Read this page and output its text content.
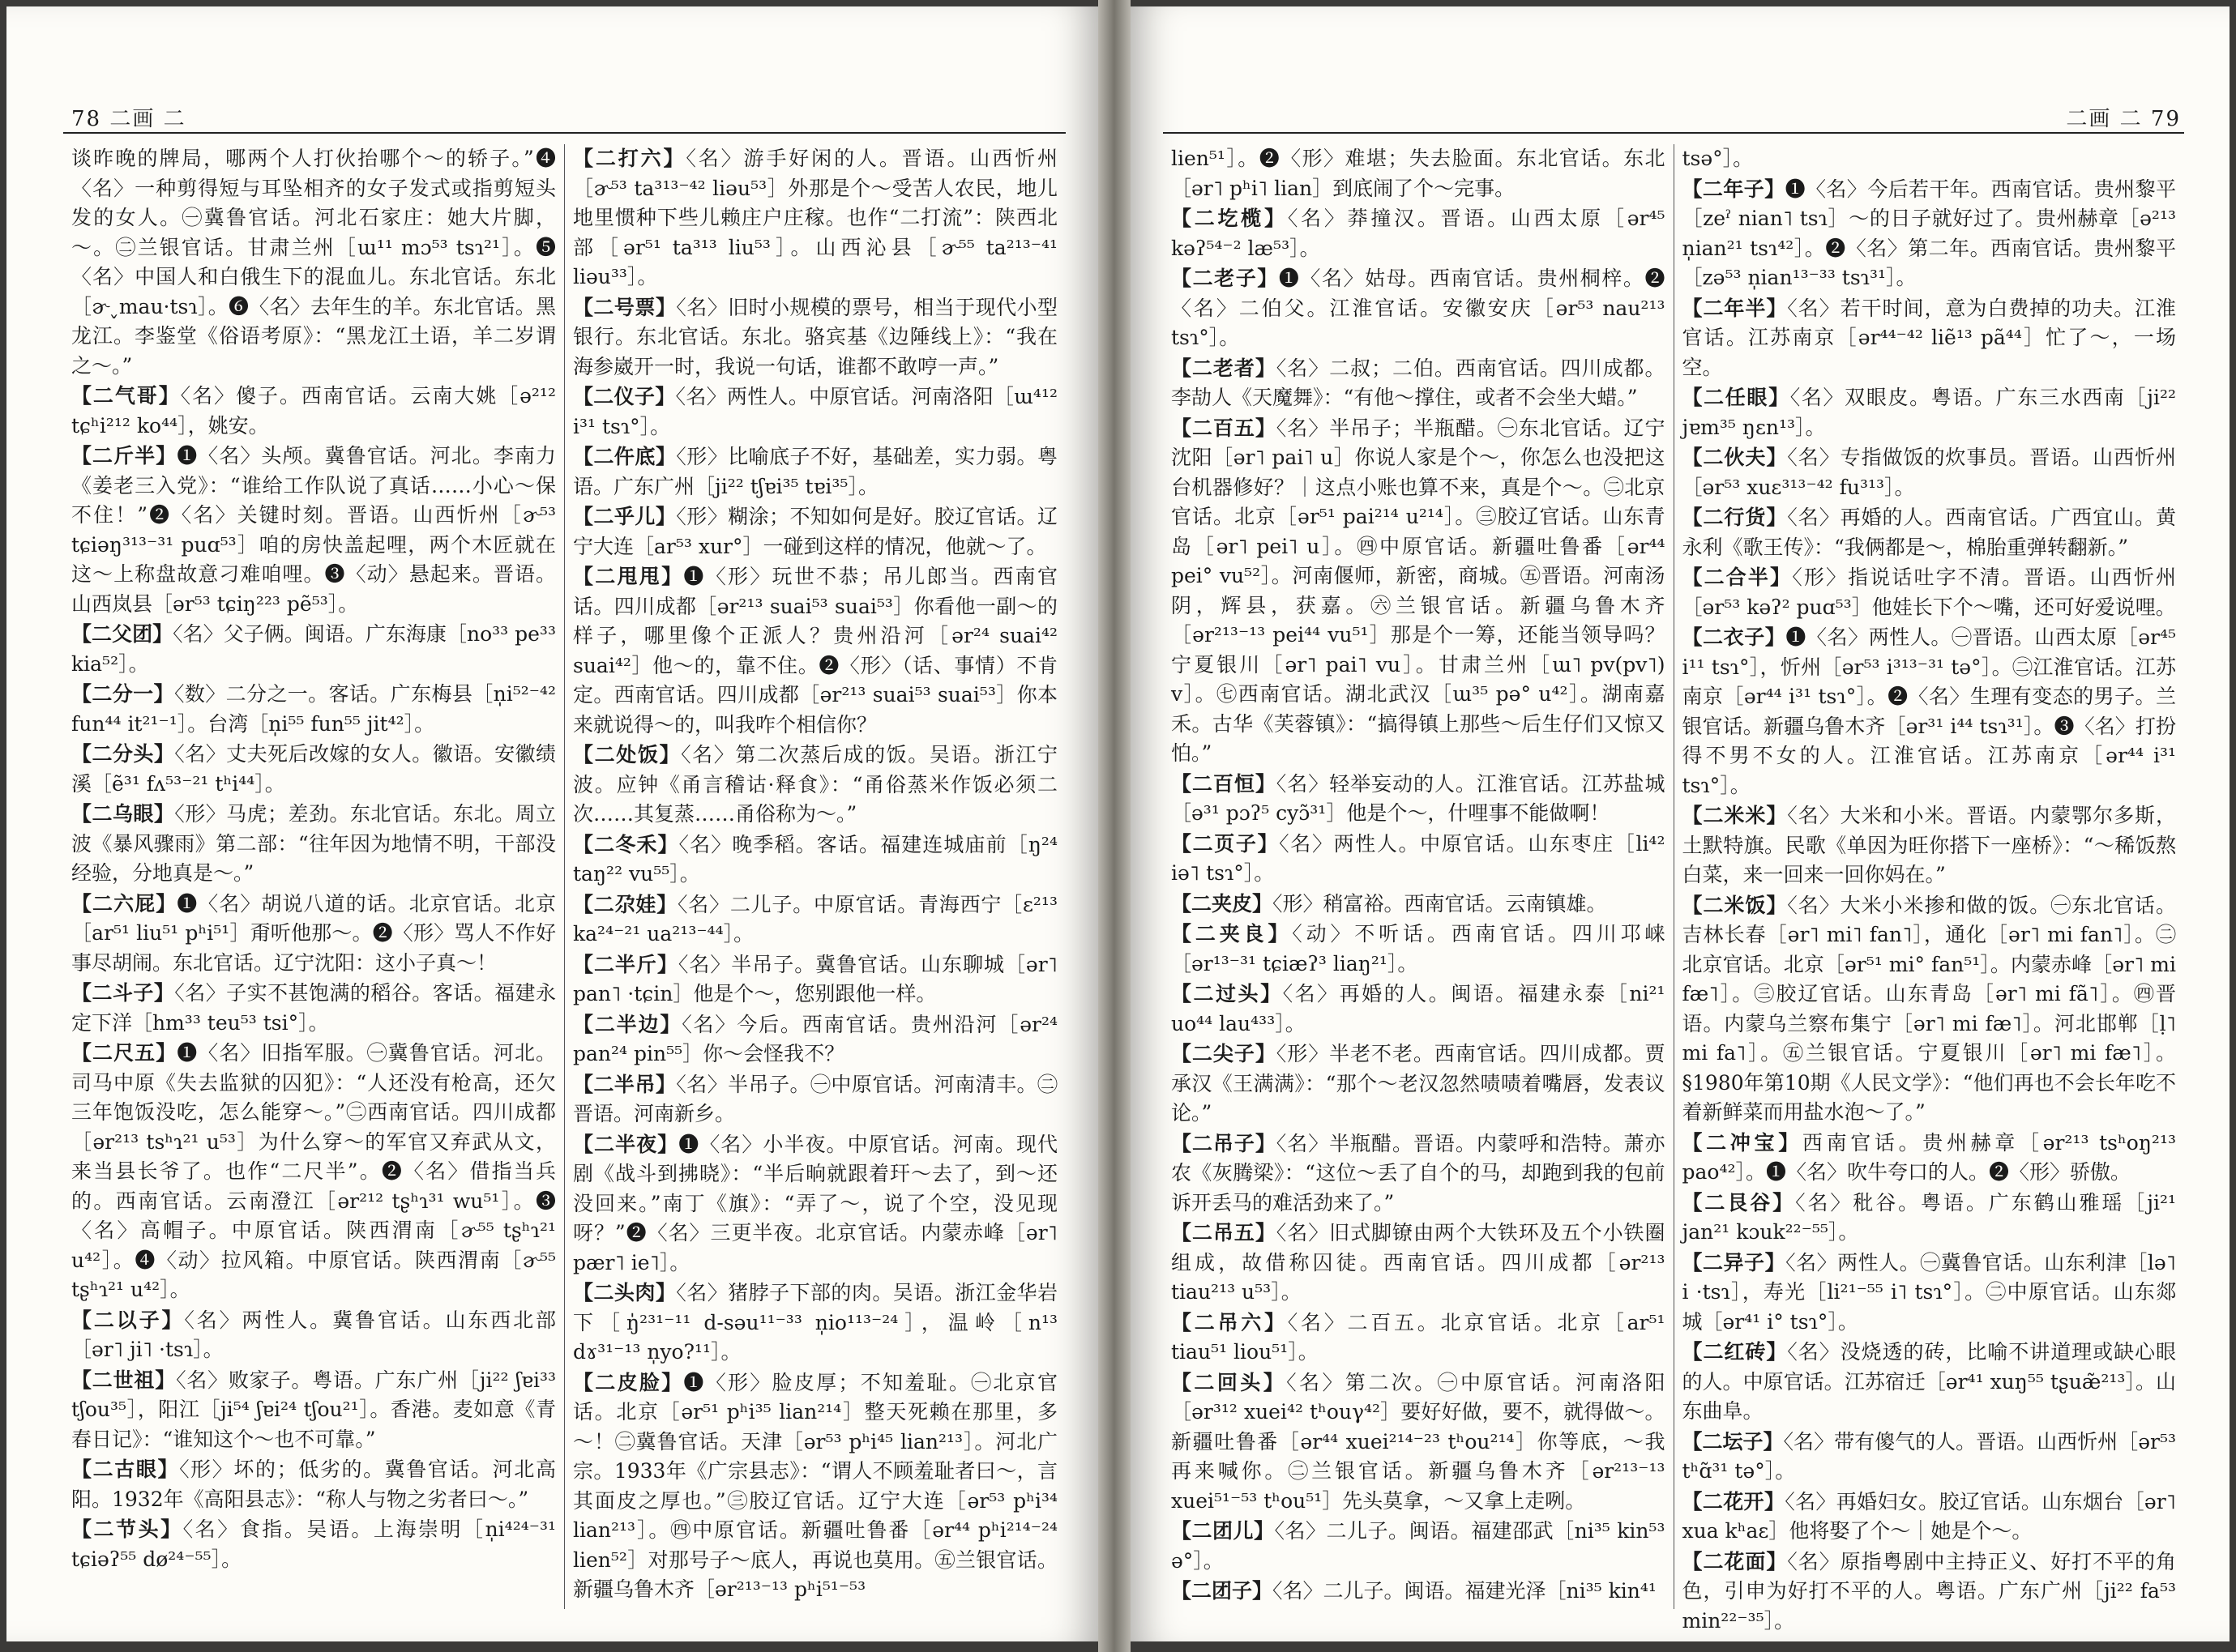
78 二画 二

谈昨晚的牌局，哪两个人打伙抬哪个～的轿子。”❹〈名〉一种剪得短与耳坠相齐的女子发式或指剪短头发的女人。㊀冀鲁官话。河北石家庄：她大片脚，～。㊁兰银官话。甘肃兰州［ɯ¹¹ mɔ⁵³ tsɿ²¹］。❺〈名〉中国人和白俄生下的混血儿。东北官话。东北［ɚ˯mau·tsɿ］。❻〈名〉去年生的羊。东北官话。黑龙江。李鉴堂《俗语考原》：“黑龙江土语，羊二岁谓之～。”

【二气哥】〈名〉傻子。西南官话。云南大姚［ə²¹² tɕʰi²¹² ko⁴⁴］，姚安。

【二斤半】❶〈名〉头颅。冀鲁官话。河北。李南力《姜老三入党》：“谁给工作队说了真话……小心～保不住！”❷〈名〉关键时刻。晋语。山西忻州［ɚ⁵³ tɕiəŋ³¹³⁻³¹ puɑ⁵³］咱的房快盖起哩，两个木匠就在这～上称盘故意刁难咱哩。❸〈动〉悬起来。晋语。山西岚县［ər⁵³ tɕiŋ²²³ pẽ⁵³］。

【二父团】〈名〉父子俩。闽语。广东海康［no³³ pe³³ kia⁵²］。

【二分一】〈数〉二分之一。客话。广东梅县［n̩i⁵²⁻⁴² fun⁴⁴ it²¹⁻¹］。台湾［n̩i⁵⁵ fun⁵⁵ jit⁴²］。

【二分头】〈名〉丈夫死后改嫁的女人。徽语。安徽绩溪［ẽ³¹ fʌ⁵³⁻²¹ tʰi⁴⁴］。

【二乌眼】〈形〉马虎；差劲。东北官话。东北。周立波《暴风骤雨》第二部：“往年因为地情不明，干部没经验，分地真是～。”

【二六屁】❶〈名〉胡说八道的话。北京官话。北京［ar⁵¹ liu⁵¹ pʰi⁵¹］甭听他那～。❷〈形〉骂人不作好事尽胡闹。东北官话。辽宁沈阳：这小子真～！

【二斗子】〈名〉子实不甚饱满的稻谷。客话。福建永定下洋［hm³³ teu⁵³ tsi°］。

【二尺五】❶〈名〉旧指军服。㊀冀鲁官话。河北。司马中原《失去监狱的囚犯》：“人还没有枪高，还欠三年饱饭没吃，怎么能穿～。”㊁西南官话。四川成都［ər²¹³ tsʰɿ²¹ u⁵³］为什么穿～的军官又弃武从文，来当县长爷了。也作“二尺半”。❷〈名〉借指当兵的。西南官话。云南澄江［ər²¹² tʂʰɿ³¹ wu⁵¹］。❸〈名〉高帽子。中原官话。陕西渭南［ɚ⁵⁵ tʂʰɿ²¹ u⁴²］。❹〈动〉拉风箱。中原官话。陕西渭南［ɚ⁵⁵ tʂʰɿ²¹ u⁴²］。

【二以子】〈名〉两性人。冀鲁官话。山东西北部［ər˥ ji˥ ·tsɿ］。

【二世祖】〈名〉败家子。粤语。广东广州［ji²² ʃɐi³³ tʃou³⁵］，阳江［ji⁵⁴ ʃɐi²⁴ tʃou²¹］。香港。麦如意《青春日记》：“谁知这个～也不可靠。”

【二古眼】〈形〉坏的；低劣的。冀鲁官话。河北高阳。1932年《高阳县志》：“称人与物之劣者曰～。”

【二节头】〈名〉食指。吴语。上海崇明［n̩i⁴²⁴⁻³¹ tɕiəʔ⁵⁵ dø²⁴⁻⁵⁵］。

【二打六】〈名〉游手好闲的人。晋语。山西忻州［ɚ⁵³ ta³¹³⁻⁴² liəu⁵³］外那是个～受苦人农民，地儿地里惯种下些儿赖庄户庄稼。也作“二打流”：陕西北部［ər⁵¹ ta³¹³ liu⁵³］。山西沁县［ɚ⁵⁵ ta²¹³⁻⁴¹ liəu³³］。

【二号票】〈名〉旧时小规模的票号，相当于现代小型银行。东北官话。东北。骆宾基《边陲线上》：“我在海参崴开一时，我说一句话，谁都不敢哼一声。”

【二仪子】〈名〉两性人。中原官话。河南洛阳［ɯ⁴¹² i³¹ tsɿ°］。

【二仵底】〈形〉比喻底子不好，基础差，实力弱。粤语。广东广州［ji²² tʃɐi³⁵ tɐi³⁵］。

【二乎儿】〈形〉糊涂；不知如何是好。胶辽官话。辽宁大连［ar⁵³ xur°］一碰到这样的情况，他就～了。

【二甩甩】❶〈形〉玩世不恭；吊儿郎当。西南官话。四川成都［ər²¹³ suai⁵³ suai⁵³］你看他一副～的样子，哪里像个正派人？贵州沿河［ər²⁴ suai⁴² suai⁴²］他～的，靠不住。❷〈形〉（话、事情）不肯定。西南官话。四川成都［ər²¹³ suai⁵³ suai⁵³］你本来就说得～的，叫我咋个相信你？

【二处饭】〈名〉第二次蒸后成的饭。吴语。浙江宁波。应钟《甬言稽诂·释食》：“甬俗蒸米作饭必须二次……其复蒸……甬俗称为～。”

【二冬禾】〈名〉晚季稻。客话。福建连城庙前［ŋ²⁴ taŋ²² vu⁵⁵］。

【二尕娃】〈名〉二儿子。中原官话。青海西宁［ɛ²¹³ ka²⁴⁻²¹ ua²¹³⁻⁴⁴］。

【二半斤】〈名〉半吊子。冀鲁官话。山东聊城［ər˥ pan˥ ·tɕin］他是个～，您别跟他一样。

【二半边】〈名〉今后。西南官话。贵州沿河［ər²⁴ pan²⁴ pin⁵⁵］你～会怪我不？

【二半吊】〈名〉半吊子。㊀中原官话。河南清丰。㊁晋语。河南新乡。

【二半夜】❶〈名〉小半夜。中原官话。河南。现代剧《战斗到拂晓》：“半后晌就跟着玕～去了，到～还没回来。”南丁《旗》：“弄了～，说了个空，没见现呀？”❷〈名〉三更半夜。北京官话。内蒙赤峰［ər˥ pær˥ ie˥］。

【二头肉】〈名〉猪脖子下部的肉。吴语。浙江金华岩下［ŋ̍²³¹⁻¹¹ d-səu¹¹⁻³³ n̩io¹¹³⁻²⁴］，温岭［n¹³ dɤ³¹⁻¹³ n̩yo?¹¹］。

【二皮脸】❶〈形〉脸皮厚；不知羞耻。㊀北京官话。北京［ər⁵¹ pʰi³⁵ lian²¹⁴］整天死赖在那里，多～！㊁冀鲁官话。天津［ər⁵³ pʰi⁴⁵ lian²¹³］。河北广宗。1933年《广宗县志》：“谓人不顾羞耻者曰～，言其面皮之厚也。”㊂胶辽官话。辽宁大连［ər⁵³ pʰi³⁴ lian²¹³］。㊃中原官话。新疆吐鲁番［ər⁴⁴ pʰi²¹⁴⁻²⁴ lien⁵²］对那号子～底人，再说也莫用。㊄兰银官话。新疆乌鲁木齐［ər²¹³⁻¹³ pʰi⁵¹⁻⁵³

二画 二 79

lien⁵¹］。❷〈形〉难堪；失去脸面。东北官话。东北［ər˥ pʰi˥ lian］到底闹了个～完事。

【二圪榄】〈名〉莽撞汉。晋语。山西太原［ər⁴⁵ kəʔ⁵⁴⁻² læ⁵³］。

【二老子】❶〈名〉姑母。西南官话。贵州桐梓。❷〈名〉二伯父。江淮官话。安徽安庆［ər⁵³ nau²¹³ tsɿ°］。

【二老者】〈名〉二叔；二伯。西南官话。四川成都。李劼人《天魔舞》：“有他～撑住，或者不会坐大蜡。”

【二百五】〈名〉半吊子；半瓶醋。㊀东北官话。辽宁沈阳［ər˥ pai˥ u］你说人家是个～，你怎么也没把这台机器修好？｜这点小账也算不来，真是个～。㊁北京官话。北京［ər⁵¹ pai²¹⁴ u²¹⁴］。㊂胶辽官话。山东青岛［ər˥ pei˥ u］。㊃中原官话。新疆吐鲁番［ər⁴⁴ pei° vu⁵²］。河南偃师，新密，商城。㊄晋语。河南汤阴，辉县，获嘉。㊅兰银官话。新疆乌鲁木齐［ər²¹³⁻¹³ pei⁴⁴ vu⁵¹］那是个一筹，还能当领导吗？宁夏银川［ər˥ pai˥ vu］。甘肃兰州［ɯ˥ pv(pv˥) v］。㊆西南官话。湖北武汉［ɯ³⁵ pə° u⁴²］。湖南嘉禾。古华《芙蓉镇》：“搞得镇上那些～后生仔们又惊又怕。”

【二百恒】〈名〉轻举妄动的人。江淮官话。江苏盐城［ə³¹ pɔʔ⁵ cyɔ̃³¹］他是个～，什哩事不能做啊！

【二页子】〈名〉两性人。中原官话。山东枣庄［li⁴² iə˥ tsɿ°］。

【二夹皮】〈形〉稍富裕。西南官话。云南镇雄。

【二夹良】〈动〉不听话。西南官话。四川邛崃［ər¹³⁻³¹ tɕiæʔ³ liaŋ²¹］。

【二过头】〈名〉再婚的人。闽语。福建永泰［ni²¹ uo⁴⁴ lau⁴³³］。

【二尖子】〈形〉半老不老。西南官话。四川成都。贾承汉《王满满》：“那个～老汉忽然啧啧着嘴唇，发表议论。”

【二吊子】〈名〉半瓶醋。晋语。内蒙呼和浩特。萧亦农《灰腾梁》：“这位～丢了自个的马，却跑到我的包前诉开丢马的难活劲来了。”

【二吊五】〈名〉旧式脚镣由两个大铁环及五个小铁圈组成，故借称囚徒。西南官话。四川成都［ər²¹³ tiau²¹³ u⁵³］。

【二吊六】〈名〉二百五。北京官话。北京［ar⁵¹ tiau⁵¹ liou⁵¹］。

【二回头】〈名〉第二次。㊀中原官话。河南洛阳［ər³¹² xuei⁴² tʰouγ⁴²］要好好做，要不，就得做～。新疆吐鲁番［ər⁴⁴ xuei²¹⁴⁻²³ tʰou²¹⁴］你等底，～我再来喊你。㊁兰银官话。新疆乌鲁木齐［ər²¹³⁻¹³ xuei⁵¹⁻⁵³ tʰou⁵¹］先头莫拿，～又拿上走咧。

【二团儿】〈名〉二儿子。闽语。福建邵武［ni³⁵ kin⁵³ ə°］。

【二团子】〈名〉二儿子。闽语。福建光泽［ni³⁵ kin⁴¹

tsə°］。

【二年子】❶〈名〉今后若干年。西南官话。贵州黎平［zeˀ nian˥ tsɿ］～的日子就好过了。贵州赫章［ə²¹³ n̩ian²¹ tsɿ⁴²］。❷〈名〉第二年。西南官话。贵州黎平［zə⁵³ n̩ian¹³⁻³³ tsɿ³¹］。

【二年半】〈名〉若干时间，意为白费掉的功夫。江淮官话。江苏南京［ər⁴⁴⁻⁴² liẽ¹³ pã⁴⁴］忙了～，一场空。

【二任眼】〈名〉双眼皮。粤语。广东三水西南［ji²² jɐm³⁵ ŋɛn¹³］。

【二伙夫】〈名〉专指做饭的炊事员。晋语。山西忻州［ər⁵³ xuɛ³¹³⁻⁴² fu³¹³］。

【二行货】〈名〉再婚的人。西南官话。广西宜山。黄永利《歌王传》：“我俩都是～，棉胎重弹转翻新。”

【二合半】〈形〉指说话吐字不清。晋语。山西忻州［ər⁵³ kəʔ² puɑ⁵³］他娃长下个～嘴，还可好爱说哩。

【二衣子】❶〈名〉两性人。㊀晋语。山西太原［ər⁴⁵ i¹¹ tsɿ°］，忻州［ər⁵³ i³¹³⁻³¹ tə°］。㊁江淮官话。江苏南京［ər⁴⁴ i³¹ tsɿ°］。❷〈名〉生理有变态的男子。兰银官话。新疆乌鲁木齐［ər³¹ i⁴⁴ tsɿ³¹］。❸〈名〉打扮得不男不女的人。江淮官话。江苏南京［ər⁴⁴ i³¹ tsɿ°］。

【二米米】〈名〉大米和小米。晋语。内蒙鄂尔多斯，土默特旗。民歌《单因为旺你搭下一座桥》：“～稀饭熬白菜，来一回来一回你妈在。”

【二米饭】〈名〉大米小米掺和做的饭。㊀东北官话。吉林长春［ər˥ mi˥ fan˥］，通化［ər˥ mi fan˥］。㊁北京官话。北京［ər⁵¹ mi° fan⁵¹］。内蒙赤峰［ər˥ mi fæ˥］。㊂胶辽官话。山东青岛［ər˥ mi fã˥］。㊃晋语。内蒙乌兰察布集宁［ər˥ mi fæ˥］。河北邯郸［ḷ˥ mi fa˥］。㊄兰银官话。宁夏银川［ər˥ mi fæ˥］。§1980年第10期《人民文学》：“他们再也不会长年吃不着新鲜菜而用盐水泡～了。”

【二冲宝】西南官话。贵州赫章［ər²¹³ tsʰoŋ²¹³ pao⁴²］。❶〈名〉吹牛夸口的人。❷〈形〉骄傲。

【二艮谷】〈名〉秕谷。粤语。广东鹤山雅瑶［ji²¹ jan²¹ kɔuk²²⁻⁵⁵］。

【二异子】〈名〉两性人。㊀冀鲁官话。山东利津［lə˥ i ·tsɿ］，寿光［li²¹⁻⁵⁵ i˥ tsɿ°］。㊁中原官话。山东郯城［ər⁴¹ i° tsɿ°］。

【二红砖】〈名〉没烧透的砖，比喻不讲道理或缺心眼的人。中原官话。江苏宿迁［ər⁴¹ xuŋ⁵⁵ tʂuæ̃²¹³］。山东曲阜。

【二坛子】〈名〉带有傻气的人。晋语。山西忻州［ər⁵³ tʰɑ̃³¹ tə°］。

【二花开】〈名〉再婚妇女。胶辽官话。山东烟台［ər˥ xua kʰaɛ］他将娶了个～｜她是个～。

【二花面】〈名〉原指粤剧中主持正义、好打不平的角色，引申为好打不平的人。粤语。广东广州［ji²² fa⁵³ min²²⁻³⁵］。
